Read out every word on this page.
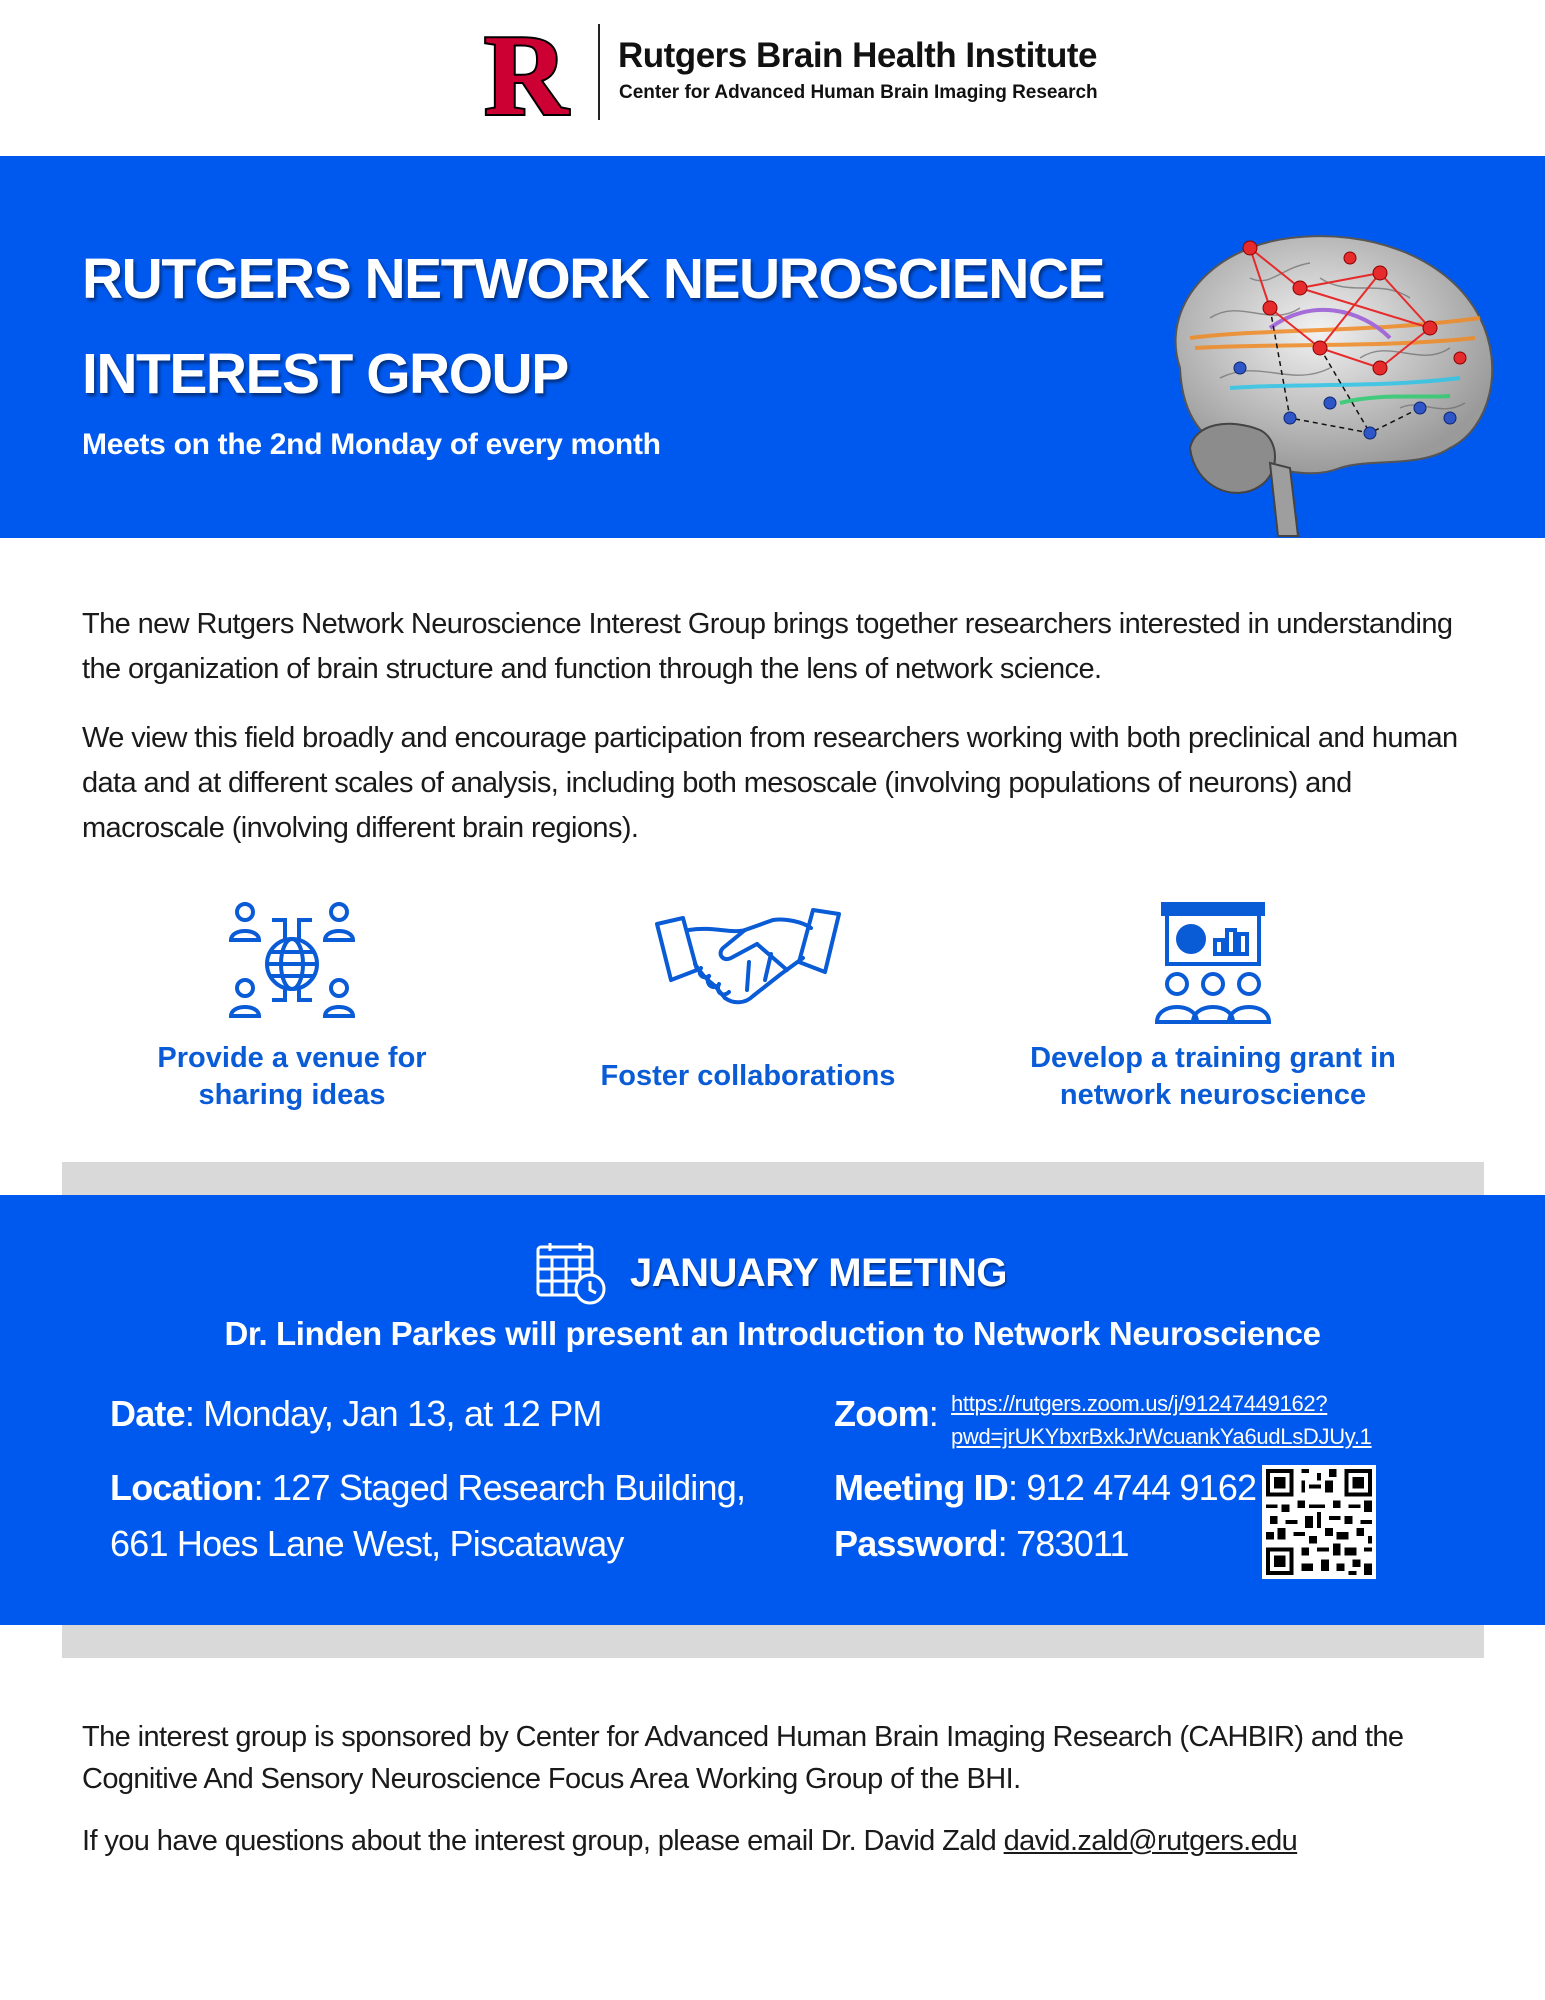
R Rutgers Brain Health Institute
Center for Advanced Human Brain Imaging Research
RUTGERS NETWORK NEUROSCIENCE INTEREST GROUP
Meets on the 2nd Monday of every month

The new Rutgers Network Neuroscience Interest Group brings together researchers interested in understanding the organization of brain structure and function through the lens of network science.

We view this field broadly and encourage participation from researchers working with both preclinical and human data and at different scales of analysis, including both mesoscale (involving populations of neurons) and macroscale (involving different brain regions).

Provide a venue for
sharing ideas
Foster collaborations
Develop a training grant in
network neuroscience
JANUARY MEETING
Dr. Linden Parkes will present an Introduction to Network Neuroscience
Date: Monday, Jan 13, at 12 PM
Location: 127 Staged Research Building,
661 Hoes Lane West, Piscataway
Zoom: https://rutgers.zoom.us/j/91247449162?
pwd=jrUKYbxrBxkJrWcuankYa6udLsDJUy.1
Meeting ID: 912 4744 9162
Password: 783011

The interest group is sponsored by Center for Advanced Human Brain Imaging Research (CAHBIR) and the Cognitive And Sensory Neuroscience Focus Area Working Group of the BHI.

If you have questions about the interest group, please email Dr. David Zald david.zald@rutgers.edu
